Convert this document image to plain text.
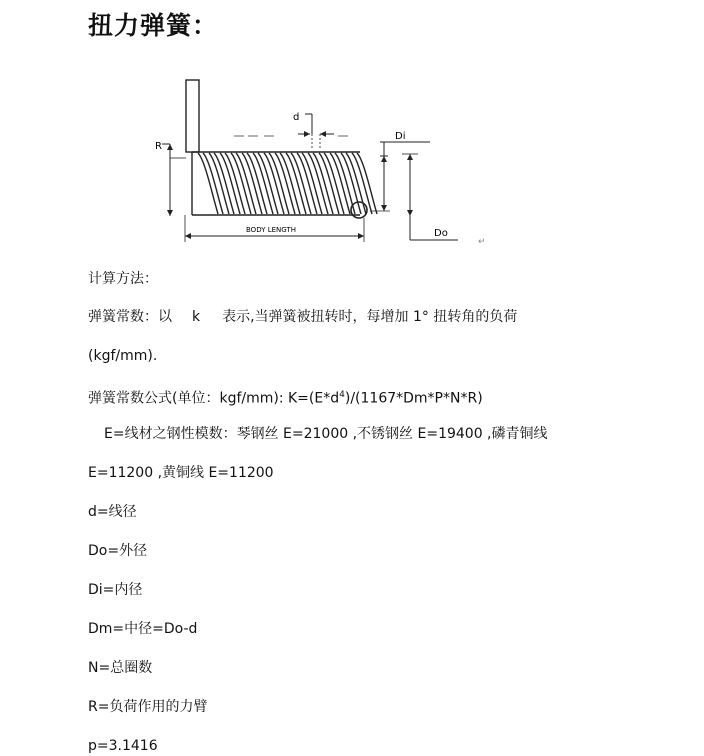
扭力弹簧：
R
d
Di
Do
↵
BODY LENGTH
计算方法：
弹簧常数：以 k 表示,当弹簧被扭转时，每增加 1° 扭转角的负荷
(kgf/mm).
弹簧常数公式(单位：kgf/mm): $K=(E*d^4)/(1167*Dm*P*N*R)$
E=线材之钢性模数：琴钢丝 E=21000 ,不锈钢丝 E=19400 ,磷青铜线
E=11200 ,黄铜线 E=11200
d=线径
Do=外径
Di=内径
Dm=中径=Do-d
N=总圈数
R=负荷作用的力臂
p=3.1416
